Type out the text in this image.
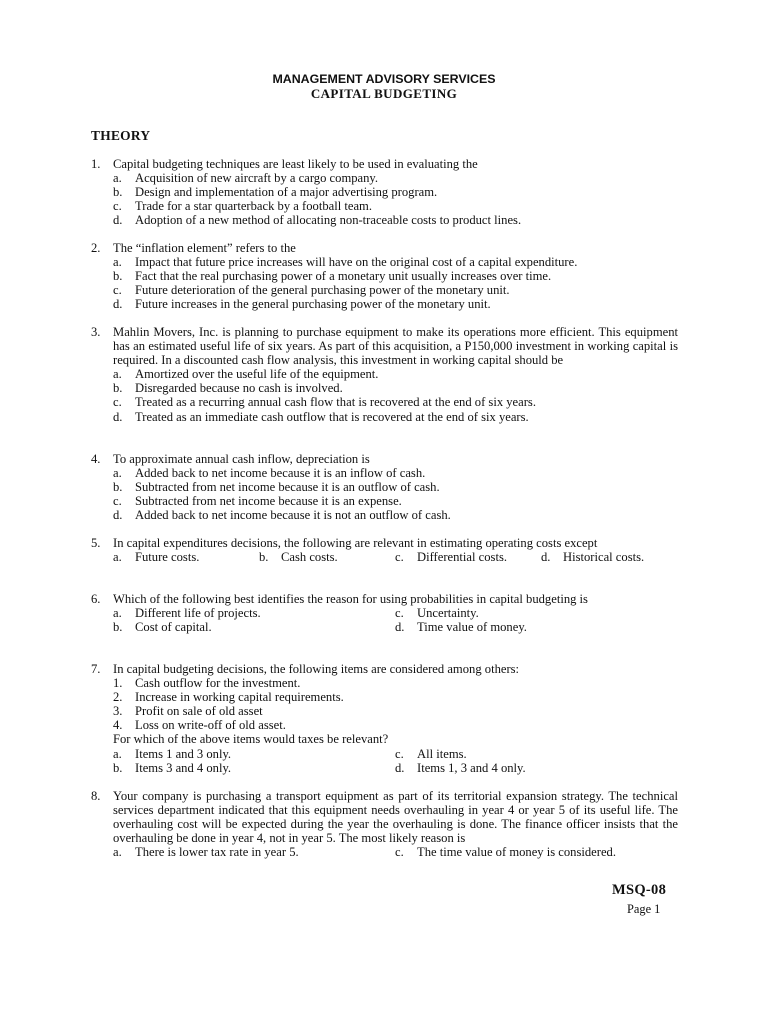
MANAGEMENT ADVISORY SERVICES
CAPITAL BUDGETING
THEORY
1. Capital budgeting techniques are least likely to be used in evaluating the
a.	Acquisition of new aircraft by a cargo company.
b. Design and implementation of a major advertising program.
c.	Trade for a star quarterback by a football team.
d. Adoption of a new method of allocating non-traceable costs to product lines.
2. The “inflation element” refers to the
a.	Impact that future price increases will have on the original cost of a capital expenditure.
b. Fact that the real purchasing power of a monetary unit usually increases over time.
c.	Future deterioration of the general purchasing power of the monetary unit.
d. Future increases in the general purchasing power of the monetary unit.
3. Mahlin Movers, Inc. is planning to purchase equipment to make its operations more efficient. This equipment has an estimated useful life of six years. As part of this acquisition, a P150,000 investment in working capital is required. In a discounted cash flow analysis, this investment in working capital should be
a.	Amortized over the useful life of the equipment.
b. Disregarded because no cash is involved.
c.	Treated as a recurring annual cash flow that is recovered at the end of six years.
d. Treated as an immediate cash outflow that is recovered at the end of six years.
4. To approximate annual cash inflow, depreciation is
a.	Added back to net income because it is an inflow of cash.
b. Subtracted from net income because it is an outflow of cash.
c.	Subtracted from net income because it is an expense.
d. Added back to net income because it is not an outflow of cash.
5. In capital expenditures decisions, the following are relevant in estimating operating costs except
a.	Future costs.	b. Cash costs.	c.	Differential costs.	d. Historical costs.
6. Which of the following best identifies the reason for using probabilities in capital budgeting is
a.	Different life of projects.	c.	Uncertainty.
b. Cost of capital.	d. Time value of money.
7. In capital budgeting decisions, the following items are considered among others:
1. Cash outflow for the investment.
2. Increase in working capital requirements.
3. Profit on sale of old asset
4. Loss on write-off of old asset.
For which of the above items would taxes be relevant?
a.	Items 1 and 3 only.	c.	All items.
b. Items 3 and 4 only.	d. Items 1, 3 and 4 only.
8. Your company is purchasing a transport equipment as part of its territorial expansion strategy. The technical services department indicated that this equipment needs overhauling in year 4 or year 5 of its useful life. The overhauling cost will be expected during the year the overhauling is done. The finance officer insists that the overhauling be done in year 4, not in year 5. The most likely reason is
a.	There is lower tax rate in year 5.	c.	The time value of money is considered.
MSQ-08
Page 1
